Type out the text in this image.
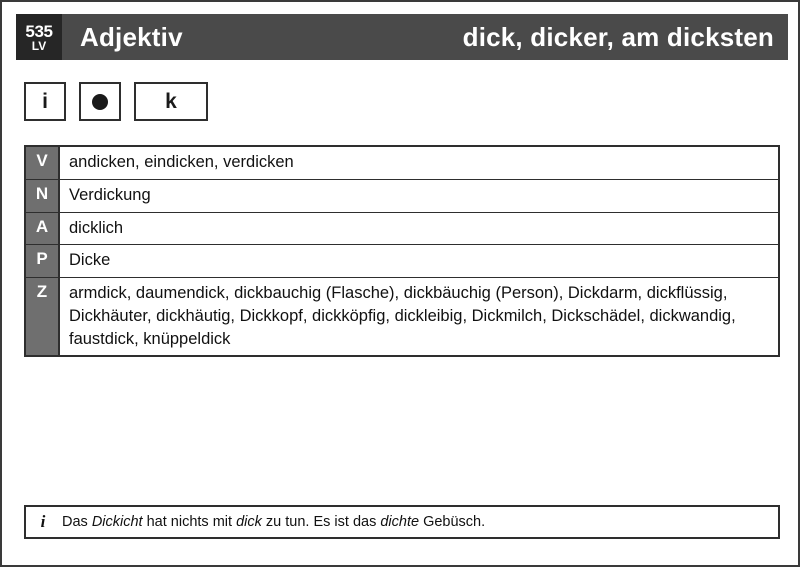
535
LV	Adjektiv	dick, dicker, am dicksten
i	k
V	andicken, eindicken, verdicken
N	Verdickung
A	dicklich
P	Dicke
Z	armdick, daumendick, dickbauchig (Flasche), dickbäuchig (Person), Dickdarm, dickflüssig, Dickhäuter, dickhäutig, Dickkopf, dickköpfig, dickleibig, Dickmilch, Dickschädel, dickwandig, faustdick, knüppeldick
i	Das Dickicht hat nichts mit dick zu tun. Es ist das dichte Gebüsch.
